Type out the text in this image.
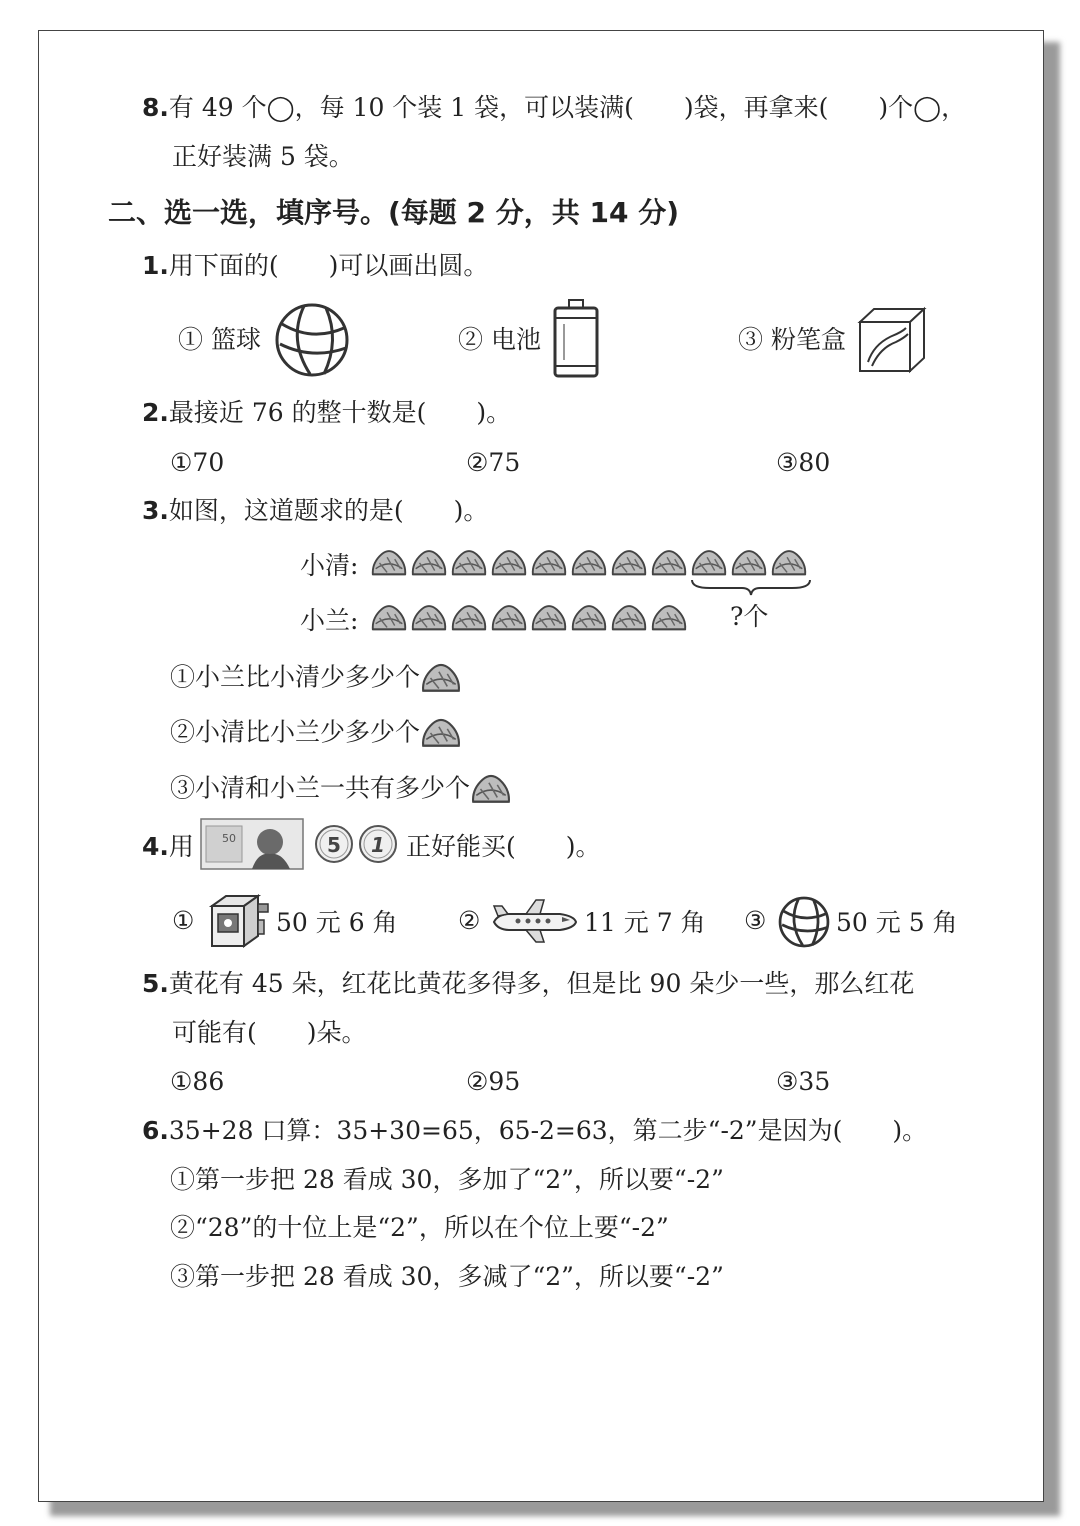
8.有 49 个◯，每 10 个装 1 袋，可以装满(　　)袋，再拿来(　　)个◯，
正好装满 5 袋。
二、选一选，填序号。(每题 2 分，共 14 分)
1.用下面的(　　)可以画出圆。
① 篮球	② 电池	③ 粉笔盒
2.最接近 76 的整十数是(　　)。
①70	②75	③80
3.如图，这道题求的是(　　)。
小清:
小兰:	?个
①小兰比小清少多少个
②小清比小兰少多少个
③小清和小兰一共有多少个
4.用	50	5 1 正好能买(　　)。
①	50 元 6 角 ②	11 元 7 角 ③	50 元 5 角
5.黄花有 45 朵，红花比黄花多得多，但是比 90 朵少一些，那么红花
可能有(　　)朵。
①86	②95	③35
6.35+28 口算：35+30=65，65-2=63，第二步“-2”是因为(　　)。
①第一步把 28 看成 30，多加了“2”，所以要“-2”
②“28”的十位上是“2”，所以在个位上要“-2”
③第一步把 28 看成 30，多减了“2”，所以要“-2”
